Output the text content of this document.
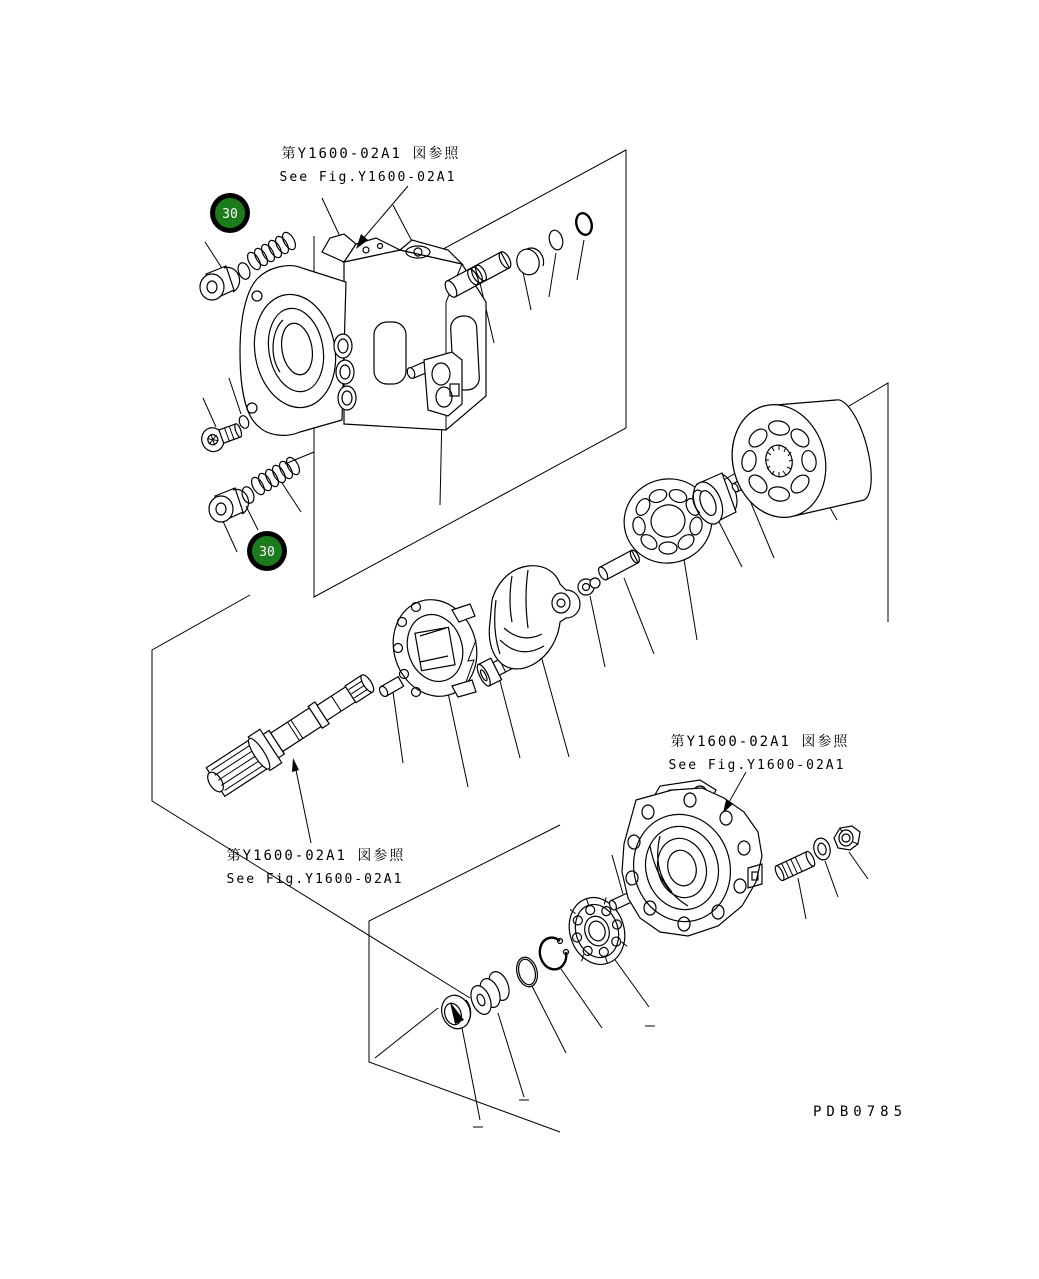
第Y1600-02A1 図参照
See Fig.Y1600-02A1
第Y1600-02A1 図参照
See Fig.Y1600-02A1
第Y1600-02A1 図参照
See Fig.Y1600-02A1
30
30
PDB0785
